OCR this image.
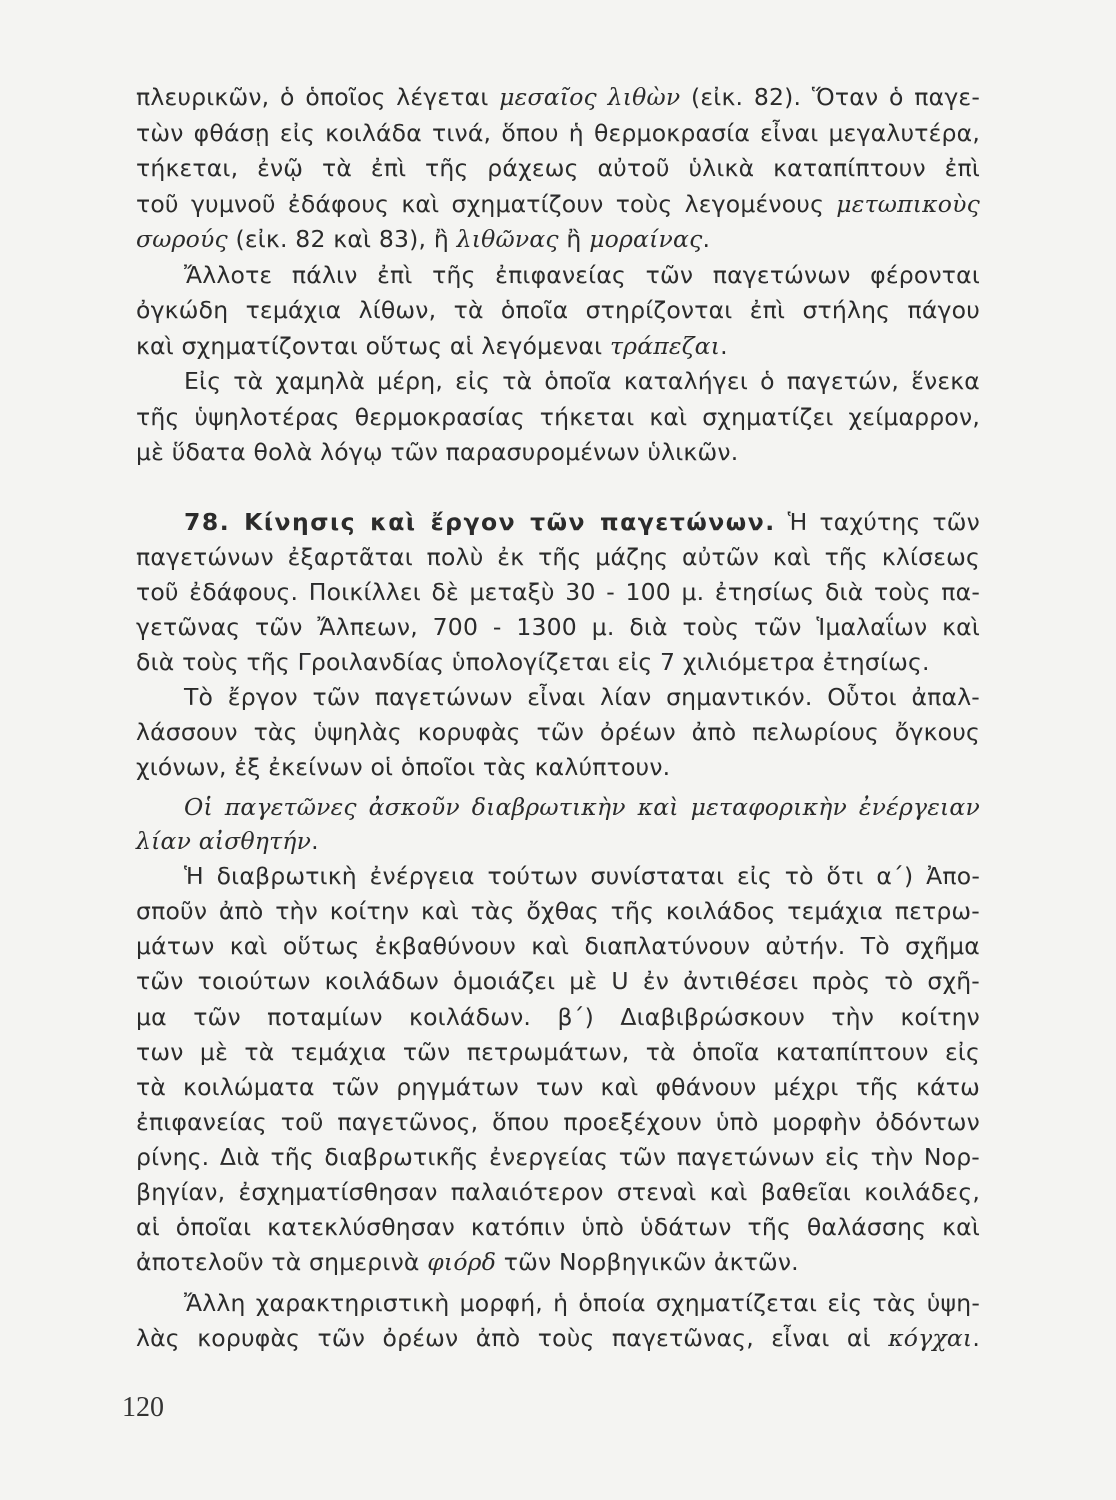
πλευρικῶν, ὁ ὁποῖος λέγεται μεσαῖος λιθὼν (εἰκ. 82). Ὅταν ὁ παγε-
τὼν φθάσῃ εἰς κοιλάδα τινά, ὅπου ἡ θερμοκρασία εἶναι μεγαλυτέρα,
τήκεται, ἐνῷ τὰ ἐπὶ τῆς ράχεως αὐτοῦ ὑλικὰ καταπίπτουν ἐπὶ
τοῦ γυμνοῦ ἐδάφους καὶ σχηματίζουν τοὺς λεγομένους μετωπικοὺς
σωρούς (εἰκ. 82 καὶ 83), ἢ λιθῶνας ἢ μοραίνας.
Ἄλλοτε πάλιν ἐπὶ τῆς ἐπιφανείας τῶν παγετώνων φέρονται
ὀγκώδη τεμάχια λίθων, τὰ ὁποῖα στηρίζονται ἐπὶ στήλης πάγου
καὶ σχηματίζονται οὕτως αἱ λεγόμεναι τράπεζαι.
Εἰς τὰ χαμηλὰ μέρη, εἰς τὰ ὁποῖα καταλήγει ὁ παγετών, ἕνεκα
τῆς ὑψηλοτέρας θερμοκρασίας τήκεται καὶ σχηματίζει χείμαρρον,
μὲ ὕδατα θολὰ λόγῳ τῶν παρασυρομένων ὑλικῶν.
78. Κίνησις καὶ ἔργον τῶν παγετώνων. Ἡ ταχύτης τῶν
παγετώνων ἐξαρτᾶται πολὺ ἐκ τῆς μάζης αὐτῶν καὶ τῆς κλίσεως
τοῦ ἐδάφους. Ποικίλλει δὲ μεταξὺ 30 - 100 μ. ἐτησίως διὰ τοὺς πα-
γετῶνας τῶν Ἄλπεων, 700 - 1300 μ. διὰ τοὺς τῶν Ἱμαλαΐων καὶ
διὰ τοὺς τῆς Γροιλανδίας ὑπολογίζεται εἰς 7 χιλιόμετρα ἐτησίως.
Τὸ ἔργον τῶν παγετώνων εἶναι λίαν σημαντικόν. Οὗτοι ἀπαλ-
λάσσουν τὰς ὑψηλὰς κορυφὰς τῶν ὀρέων ἀπὸ πελωρίους ὄγκους
χιόνων, ἐξ ἐκείνων οἱ ὁποῖοι τὰς καλύπτουν.
Οἱ παγετῶνες ἀσκοῦν διαβρωτικὴν καὶ μεταφορικὴν ἐνέργειαν
λίαν αἰσθητήν.
Ἡ διαβρωτικὴ ἐνέργεια τούτων συνίσταται εἰς τὸ ὅτι α΄) Ἀπο-
σποῦν ἀπὸ τὴν κοίτην καὶ τὰς ὄχθας τῆς κοιλάδος τεμάχια πετρω-
μάτων καὶ οὕτως ἐκβαθύνουν καὶ διαπλατύνουν αὐτήν. Τὸ σχῆμα
τῶν τοιούτων κοιλάδων ὁμοιάζει μὲ U ἐν ἀντιθέσει πρὸς τὸ σχῆ-
μα τῶν ποταμίων κοιλάδων. β΄) Διαβιβρώσκουν τὴν κοίτην
των μὲ τὰ τεμάχια τῶν πετρωμάτων, τὰ ὁποῖα καταπίπτουν εἰς
τὰ κοιλώματα τῶν ρηγμάτων των καὶ φθάνουν μέχρι τῆς κάτω
ἐπιφανείας τοῦ παγετῶνος, ὅπου προεξέχουν ὑπὸ μορφὴν ὀδόντων
ρίνης. Διὰ τῆς διαβρωτικῆς ἐνεργείας τῶν παγετώνων εἰς τὴν Νορ-
βηγίαν, ἐσχηματίσθησαν παλαιότερον στεναὶ καὶ βαθεῖαι κοιλάδες,
αἱ ὁποῖαι κατεκλύσθησαν κατόπιν ὑπὸ ὑδάτων τῆς θαλάσσης καὶ
ἀποτελοῦν τὰ σημερινὰ φιόρδ τῶν Νορβηγικῶν ἀκτῶν.
Ἄλλη χαρακτηριστικὴ μορφή, ἡ ὁποία σχηματίζεται εἰς τὰς ὑψη-
λὰς κορυφὰς τῶν ὀρέων ἀπὸ τοὺς παγετῶνας, εἶναι αἱ κόγχαι.
120
